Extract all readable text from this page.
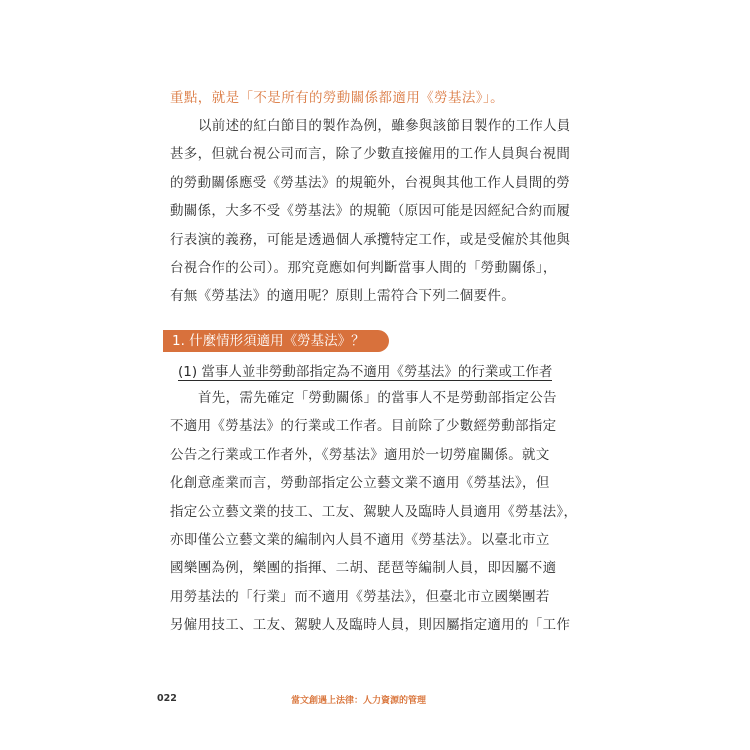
重點，就是「不是所有的勞動關係都適用《勞基法》」。
以前述的紅白節目的製作為例，雖參與該節目製作的工作人員
甚多，但就台視公司而言，除了少數直接僱用的工作人員與台視間
的勞動關係應受《勞基法》的規範外，台視與其他工作人員間的勞
動關係，大多不受《勞基法》的規範（原因可能是因經紀合約而履
行表演的義務，可能是透過個人承攬特定工作，或是受僱於其他與
台視合作的公司）。那究竟應如何判斷當事人間的「勞動關係」，
有無《勞基法》的適用呢？原則上需符合下列二個要件。
1. 什麼情形須適用《勞基法》？
(1) 當事人並非勞動部指定為不適用《勞基法》的行業或工作者
首先，需先確定「勞動關係」的當事人不是勞動部指定公告
不適用《勞基法》的行業或工作者。目前除了少數經勞動部指定
公告之行業或工作者外，《勞基法》適用於一切勞雇關係。就文
化創意產業而言，勞動部指定公立藝文業不適用《勞基法》，但
指定公立藝文業的技工、工友、駕駛人及臨時人員適用《勞基法》，
亦即僅公立藝文業的編制內人員不適用《勞基法》。以臺北市立
國樂團為例，樂團的指揮、二胡、琵琶等編制人員，即因屬不適
用勞基法的「行業」而不適用《勞基法》，但臺北市立國樂團若
另僱用技工、工友、駕駛人及臨時人員，則因屬指定適用的「工作
022	當文創遇上法律：人力資源的管理
